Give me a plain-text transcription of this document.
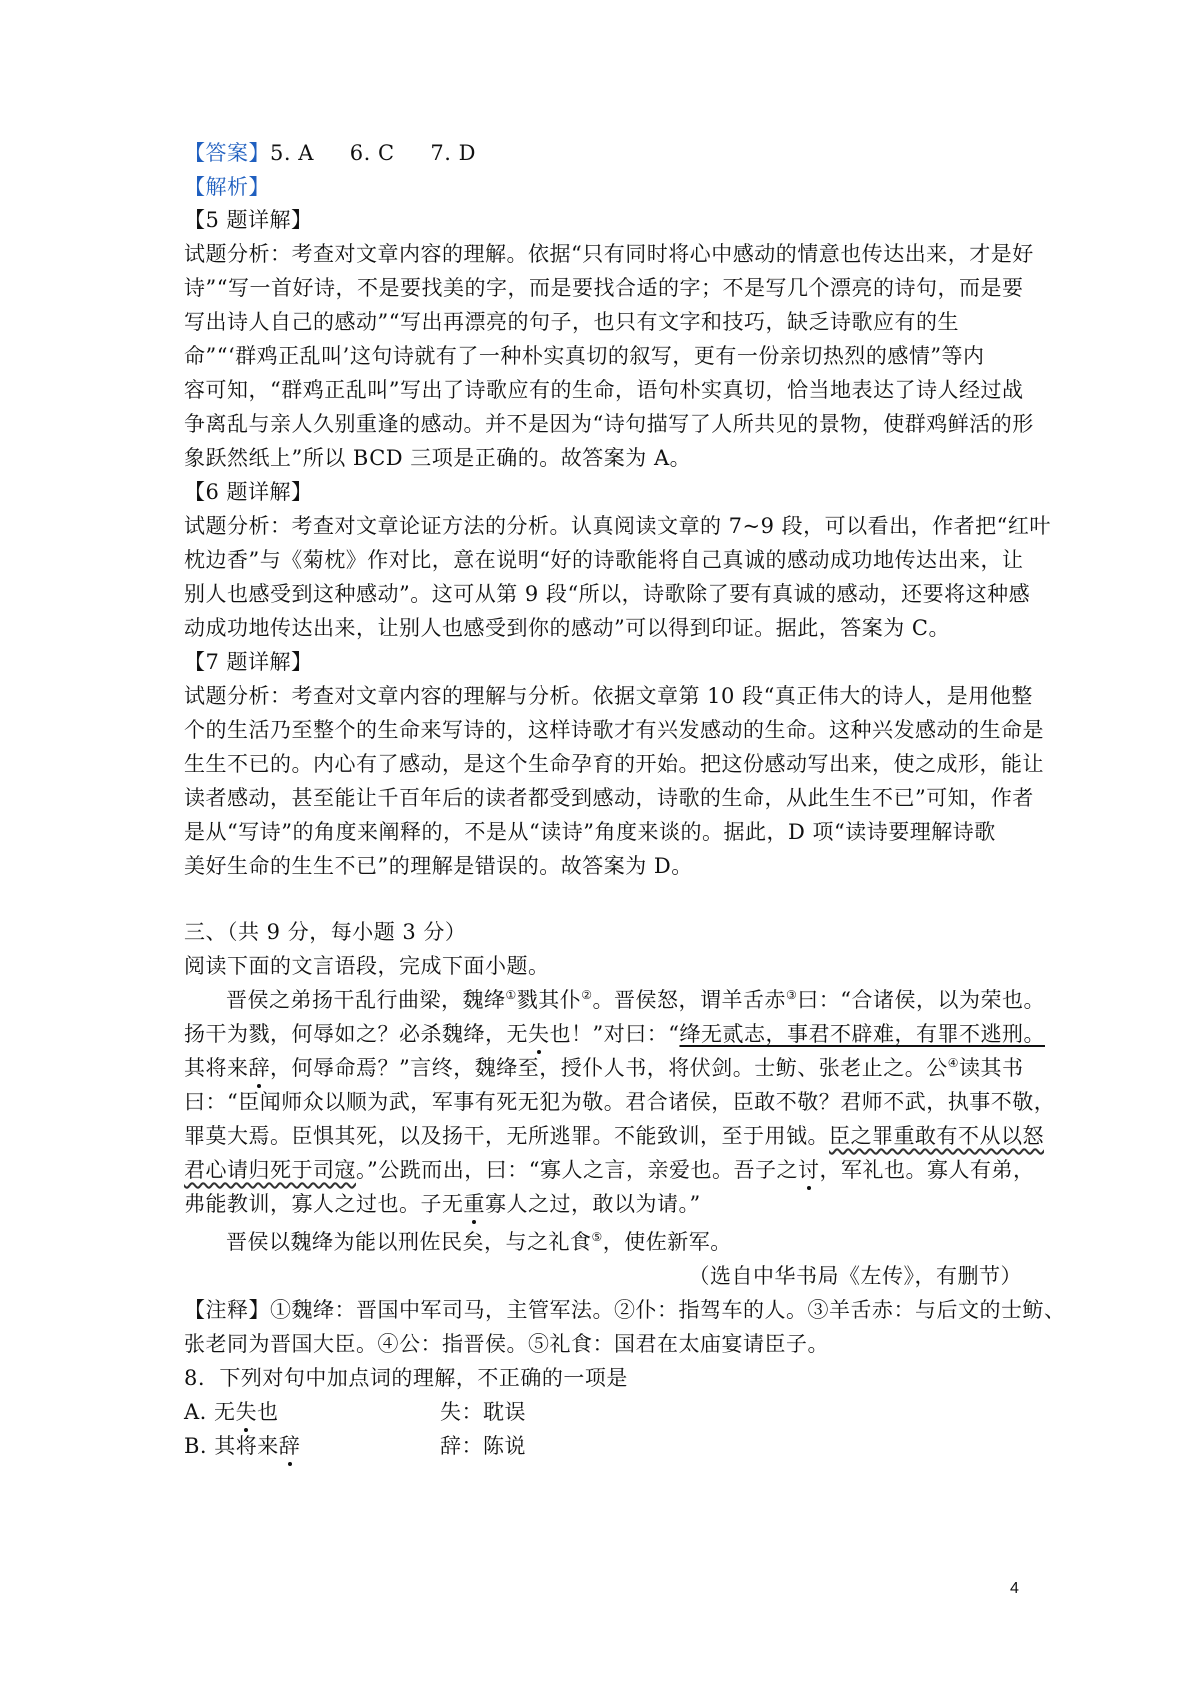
【答案】5. A     6. C     7. D
【解析】
【5 题详解】
试题分析：考查对文章内容的理解。依据“只有同时将心中感动的情意也传达出来，才是好
诗”“写一首好诗，不是要找美的字，而是要找合适的字；不是写几个漂亮的诗句，而是要
写出诗人自己的感动”“写出再漂亮的句子，也只有文字和技巧，缺乏诗歌应有的生
命”“‘群鸡正乱叫’这句诗就有了一种朴实真切的叙写，更有一份亲切热烈的感情”等内
容可知，“群鸡正乱叫”写出了诗歌应有的生命，语句朴实真切，恰当地表达了诗人经过战
争离乱与亲人久别重逢的感动。并不是因为“诗句描写了人所共见的景物，使群鸡鲜活的形
象跃然纸上”所以 BCD 三项是正确的。故答案为 A。
【6 题详解】
试题分析：考查对文章论证方法的分析。认真阅读文章的 7~9 段，可以看出，作者把“红叶
枕边香”与《菊枕》作对比，意在说明“好的诗歌能将自己真诚的感动成功地传达出来，让
别人也感受到这种感动”。这可从第 9 段“所以，诗歌除了要有真诚的感动，还要将这种感
动成功地传达出来，让别人也感受到你的感动”可以得到印证。据此，答案为 C。
【7 题详解】
试题分析：考查对文章内容的理解与分析。依据文章第 10 段“真正伟大的诗人，是用他整
个的生活乃至整个的生命来写诗的，这样诗歌才有兴发感动的生命。这种兴发感动的生命是
生生不已的。内心有了感动，是这个生命孕育的开始。把这份感动写出来，使之成形，能让
读者感动，甚至能让千百年后的读者都受到感动，诗歌的生命，从此生生不已”可知，作者
是从“写诗”的角度来阐释的，不是从“读诗”角度来谈的。据此，D 项“读诗要理解诗歌
美好生命的生生不已”的理解是错误的。故答案为 D。
三、（共 9 分，每小题 3 分）
阅读下面的文言语段，完成下面小题。
晋侯之弟扬干乱行曲梁，魏绛①戮其仆②。晋侯怒，谓羊舌赤③曰：“合诸侯，以为荣也。
扬干为戮，何辱如之？必杀魏绛，无失也！”对曰：“绛无贰志，事君不辟难，有罪不逃刑。
其将来辞，何辱命焉？”言终，魏绛至，授仆人书，将伏剑。士鲂、张老止之。公④读其书
曰：“臣闻师众以顺为武，军事有死无犯为敬。君合诸侯，臣敢不敬？君师不武，执事不敬，
罪莫大焉。臣惧其死，以及扬干，无所逃罪。不能致训，至于用钺。臣之罪重敢有不从以怒
君心请归死于司寇。”公跣而出，曰：“寡人之言，亲爱也。吾子之讨，军礼也。寡人有弟，
弗能教训，寡人之过也。子无重寡人之过，敢以为请。”
晋侯以魏绛为能以刑佐民矣，与之礼食⑤，使佐新军。
（选自中华书局《左传》，有删节）
【注释】①魏绛：晋国中军司马，主管军法。②仆：指驾车的人。③羊舌赤：与后文的士鲂、
张老同为晋国大臣。④公：指晋侯。⑤礼食：国君在太庙宴请臣子。
8.  下列对句中加点词的理解，不正确的一项是
A. 无失也	失：耽误
B. 其将来辞	辞：陈说
4
